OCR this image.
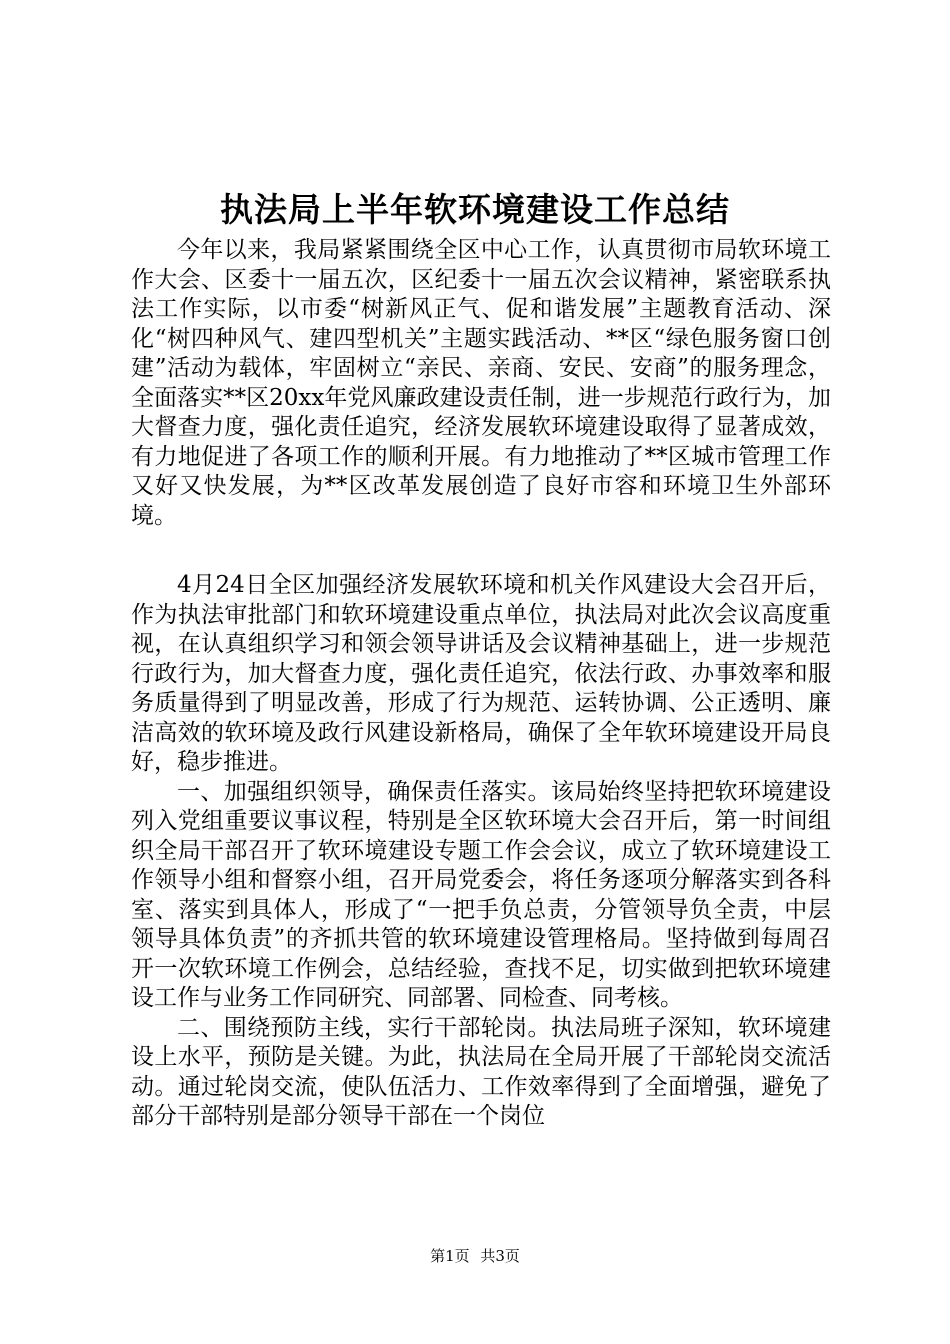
执法局上半年软环境建设工作总结

今年以来，我局紧紧围绕全区中心工作，认真贯彻市局软环境工作大会、区委十一届五次，区纪委十一届五次会议精神，紧密联系执法工作实际，以市委“树新风正气、促和谐发展”主题教育活动、深化“树四种风气、建四型机关”主题实践活动、**区“绿色服务窗口创建”活动为载体，牢固树立“亲民、亲商、安民、安商”的服务理念，全面落实**区20xx年党风廉政建设责任制，进一步规范行政行为，加大督查力度，强化责任追究，经济发展软环境建设取得了显著成效，有力地促进了各项工作的顺利开展。有力地推动了**区城市管理工作又好又快发展，为**区改革发展创造了良好市容和环境卫生外部环境。

4月24日全区加强经济发展软环境和机关作风建设大会召开后，作为执法审批部门和软环境建设重点单位，执法局对此次会议高度重视，在认真组织学习和领会领导讲话及会议精神基础上，进一步规范行政行为，加大督查力度，强化责任追究，依法行政、办事效率和服务质量得到了明显改善，形成了行为规范、运转协调、公正透明、廉洁高效的软环境及政行风建设新格局，确保了全年软环境建设开局良好，稳步推进。

一、加强组织领导，确保责任落实。该局始终坚持把软环境建设列入党组重要议事议程，特别是全区软环境大会召开后，第一时间组织全局干部召开了软环境建设专题工作会会议，成立了软环境建设工作领导小组和督察小组，召开局党委会，将任务逐项分解落实到各科室、落实到具体人，形成了“一把手负总责，分管领导负全责，中层领导具体负责”的齐抓共管的软环境建设管理格局。坚持做到每周召开一次软环境工作例会，总结经验，查找不足，切实做到把软环境建设工作与业务工作同研究、同部署、同检查、同考核。

二、围绕预防主线，实行干部轮岗。执法局班子深知，软环境建设上水平，预防是关键。为此，执法局在全局开展了干部轮岗交流活动。通过轮岗交流，使队伍活力、工作效率得到了全面增强，避免了部分干部特别是部分领导干部在一个岗位

第1页 共3页
